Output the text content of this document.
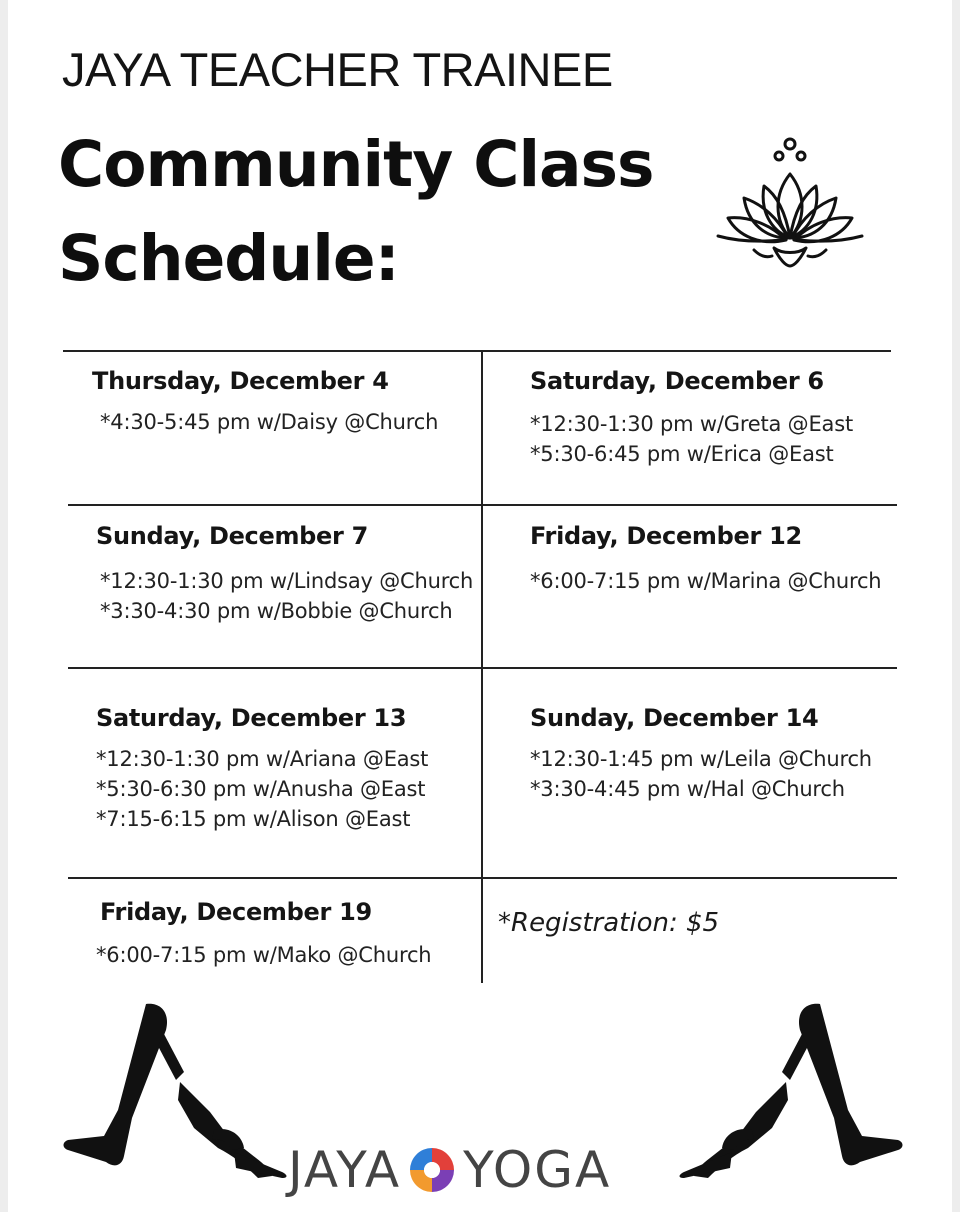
JAYA TEACHER TRAINEE
Community Class Schedule:
Thursday, December 4
*4:30-5:45 pm w/Daisy @Church
Saturday, December 6
*12:30-1:30 pm w/Greta @East
*5:30-6:45 pm w/Erica @East
Sunday, December 7
*12:30-1:30 pm w/Lindsay @Church
*3:30-4:30 pm w/Bobbie @Church
Friday, December 12
*6:00-7:15 pm w/Marina @Church
Saturday, December 13
*12:30-1:30 pm w/Ariana @East
*5:30-6:30 pm w/Anusha @East
*7:15-6:15 pm w/Alison @East
Sunday, December 14
*12:30-1:45 pm w/Leila @Church
*3:30-4:45 pm w/Hal @Church
Friday, December 19
*6:00-7:15 pm w/Mako @Church
*Registration: $5
JAYA YOGA
